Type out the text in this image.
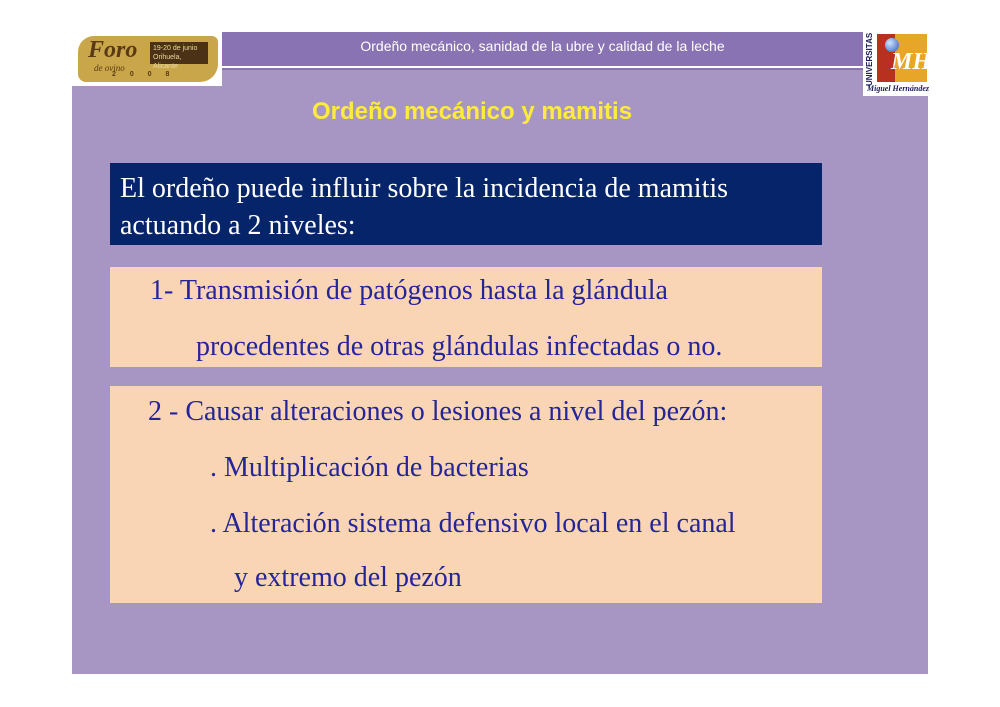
Ordeño mecánico, sanidad de la ubre y calidad de la leche
Foro
de ovino
19-20 de junio
Orihuela, Alicante
2 0 0 8	UNIVERSITAS MH
Miguel Hernández
Ordeño mecánico y mamitis
El ordeño puede influir sobre la incidencia de mamitis
actuando a 2 niveles:
1- Transmisión de patógenos hasta la glándula
procedentes de otras glándulas infectadas o no.
2 - Causar alteraciones o lesiones a nivel del pezón:
. Multiplicación de bacterias
. Alteración sistema defensivo local en el canal
y extremo del pezón
